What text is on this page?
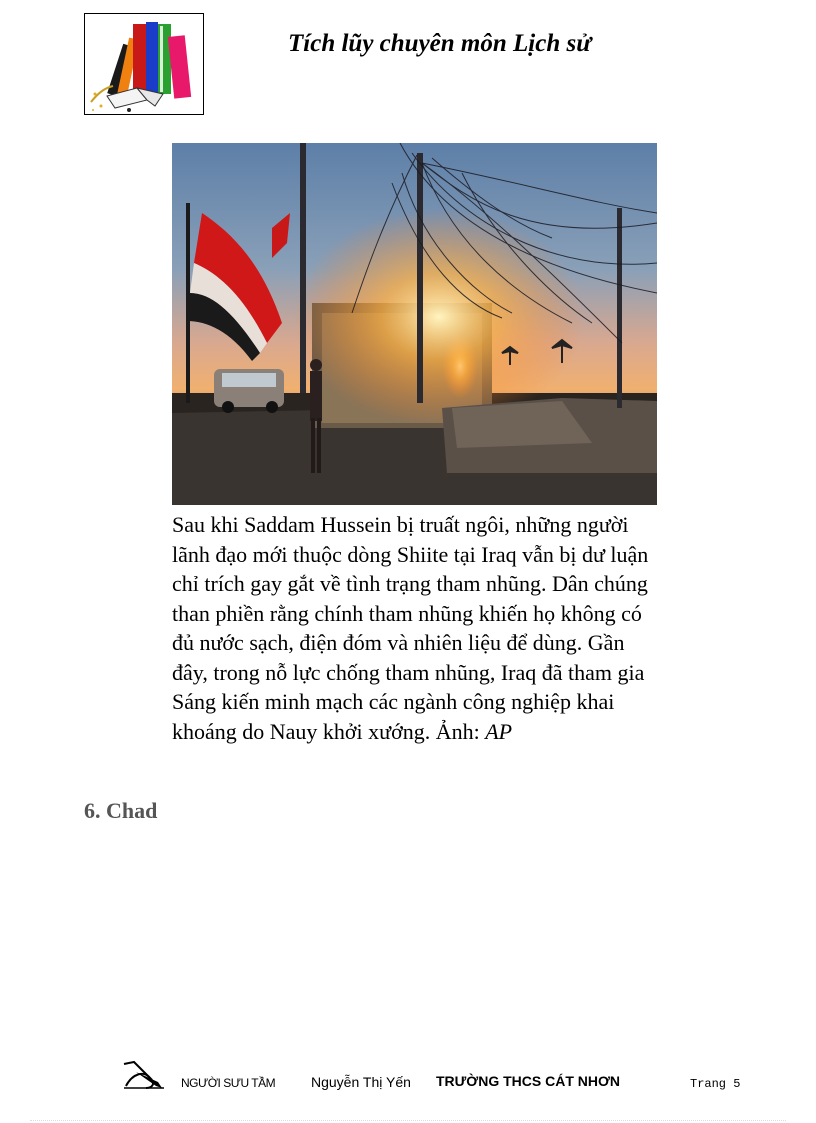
Tích lũy chuyên môn Lịch sử
Sau khi Saddam Hussein bị truất ngôi, những người lãnh đạo mới thuộc dòng Shiite tại Iraq vẫn bị dư luận chỉ trích gay gắt về tình trạng tham nhũng. Dân chúng than phiền rằng chính tham nhũng khiến họ không có đủ nước sạch, điện đóm và nhiên liệu để dùng. Gần đây, trong nỗ lực chống tham nhũng, Iraq đã tham gia Sáng kiến minh mạch các ngành công nghiệp khai khoáng do Nauy khởi xướng. Ảnh: AP
6. Chad
NGƯỜI SƯU TẦM	Nguyễn Thị Yến TRƯỜNG THCS CÁT NHƠN	Trang 5
